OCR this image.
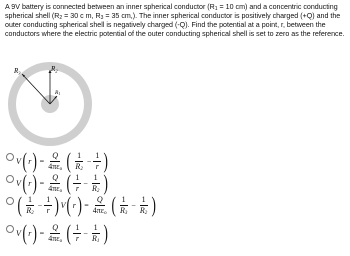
A 9V battery is connected between an inner spherical conductor ($R_1 = 10$ cm) and a concentric conducting spherical shell ($R_2 = 30$ c m, $R_3 = 35$ cm,). The inner spherical conductor is positively charged (+Q) and the outer conducting spherical shell is negatively charged (-Q). Find the potential at a point, r, between the conductors where the electric potential of the outer conducting spherical shell is set to zero as the reference.
$R_3$	$R_2$
$R_1$
V ( r ) = $\frac{Q}{4\pi\varepsilon_o}$ ( $\frac{1}{R_2} - \frac{1}{r}$ )
V ( r ) = $\frac{Q}{4\pi\varepsilon_o}$ ( $\frac{1}{r} - \frac{1}{R_2}$ )
( $\frac{1}{R_2} - \frac{1}{r}$ ) V ( r ) = $\frac{Q}{4\pi\varepsilon_o}$ ( $\frac{1}{R_3} - \frac{1}{R_2}$ )
V ( r ) = $\frac{Q}{4\pi\varepsilon_o}$ ( $\frac{1}{r} - \frac{1}{R_1}$ )
